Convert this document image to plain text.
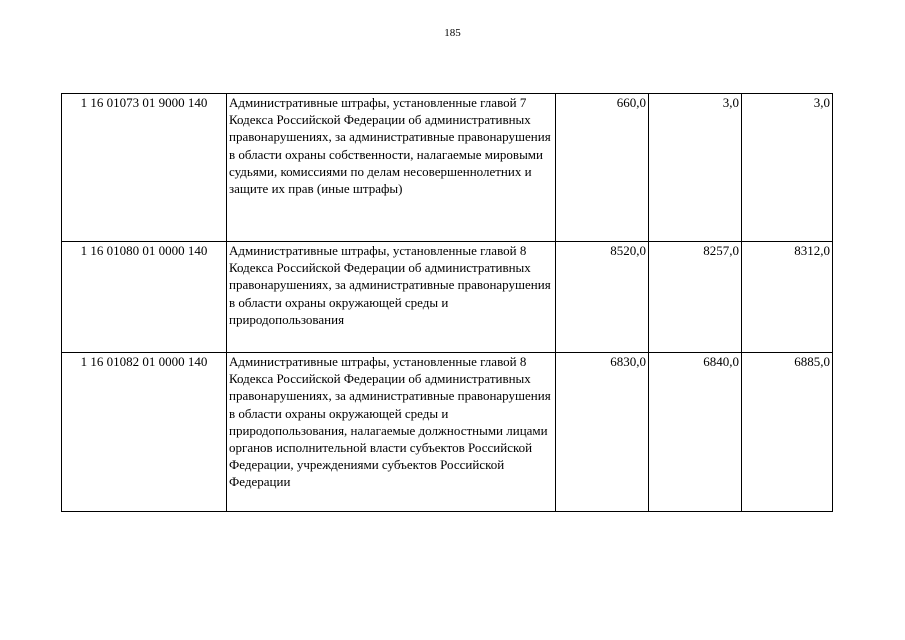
185
1 16 01073 01 9000 140	Административные штрафы, установленные главой 7 Кодекса Российской Федерации об административных правонарушениях, за административные правонарушения в области охраны собственности, налагаемые мировыми судьями, комиссиями по делам несовершеннолетних и защите их прав (иные штрафы)	660,0	3,0	3,0
1 16 01080 01 0000 140	Административные штрафы, установленные главой 8 Кодекса Российской Федерации об административных правонарушениях, за административные правонарушения в области охраны окружающей среды и природопользования	8520,0	8257,0	8312,0
1 16 01082 01 0000 140	Административные штрафы, установленные главой 8 Кодекса Российской Федерации об административных правонарушениях, за административные правонарушения в области охраны окружающей среды и природопользования, налагаемые должностными лицами органов исполнительной власти субъектов Российской Федерации, учреждениями субъектов Российской Федерации	6830,0	6840,0	6885,0
